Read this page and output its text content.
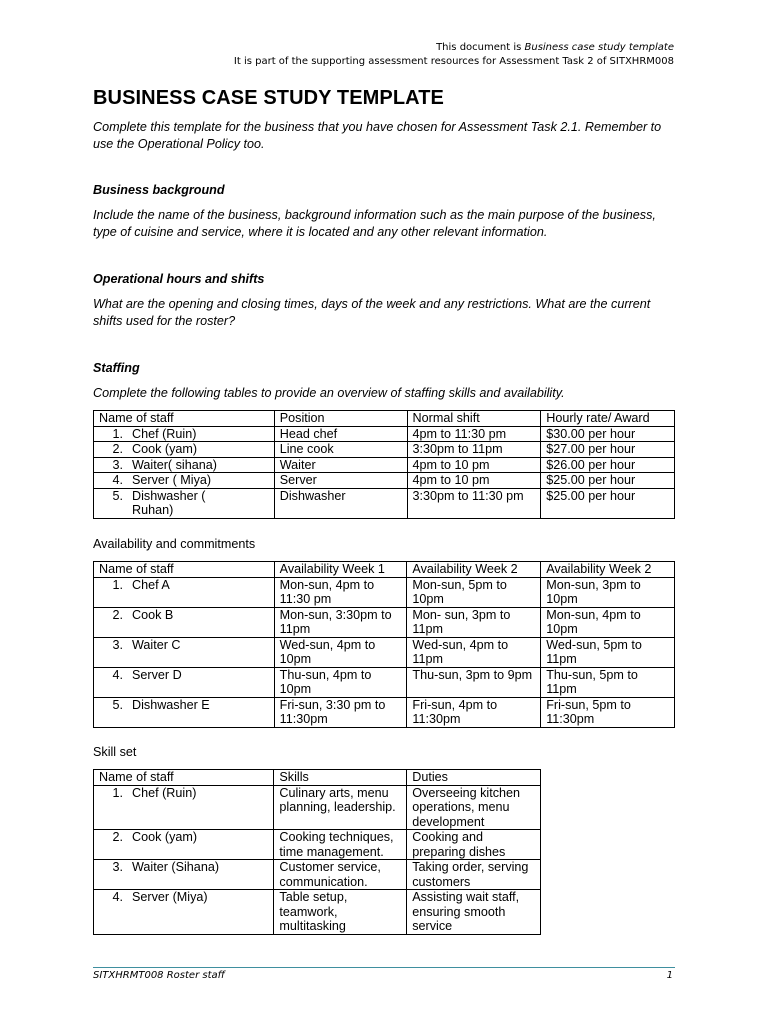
This document is Business case study template
It is part of the supporting assessment resources for Assessment Task 2 of SITXHRM008
BUSINESS CASE STUDY TEMPLATE

Complete this template for the business that you have chosen for Assessment Task 2.1. Remember to use the Operational Policy too.

Business background

Include the name of the business, background information such as the main purpose of the business, type of cuisine and service, where it is located and any other relevant information.

Operational hours and shifts

What are the opening and closing times, days of the week and any restrictions. What are the current shifts used for the roster?

Staffing

Complete the following tables to provide an overview of staffing skills and availability.

Name of staff	Position	Normal shift	Hourly rate/ Award
1. Chef (Ruin)	Head chef	4pm to 11:30 pm	$30.00 per hour
2. Cook (yam)	Line cook	3:30pm to 11pm	$27.00 per hour
3. Waiter( sihana)	Waiter	4pm to 10 pm	$26.00 per hour
4. Server ( Miya)	Server	4pm to 10 pm	$25.00 per hour
5. Dishwasher ( Ruhan)	Dishwasher	3:30pm to 11:30 pm	$25.00 per hour

Availability and commitments

Name of staff	Availability Week 1	Availability Week 2	Availability Week 2
1. Chef A	Mon-sun, 4pm to 11:30 pm	Mon-sun, 5pm to 10pm	Mon-sun, 3pm to 10pm
2. Cook B	Mon-sun, 3:30pm to 11pm	Mon- sun, 3pm to 11pm	Mon-sun, 4pm to 10pm
3. Waiter C	Wed-sun, 4pm to 10pm	Wed-sun, 4pm to 11pm	Wed-sun, 5pm to 11pm
4. Server D	Thu-sun, 4pm to 10pm	Thu-sun, 3pm to 9pm	Thu-sun, 5pm to 11pm
5. Dishwasher E	Fri-sun, 3:30 pm to 11:30pm	Fri-sun, 4pm to 11:30pm	Fri-sun, 5pm to 11:30pm

Skill set

Name of staff	Skills	Duties
1. Chef (Ruin)	Culinary arts, menu planning, leadership.	Overseeing kitchen operations, menu development
2. Cook (yam)	Cooking techniques, time management.	Cooking and preparing dishes
3. Waiter (Sihana)	Customer service, communication.	Taking order, serving customers
4. Server (Miya)	Table setup, teamwork, multitasking	Assisting wait staff, ensuring smooth service
SITXHRMT008 Roster staff	1
